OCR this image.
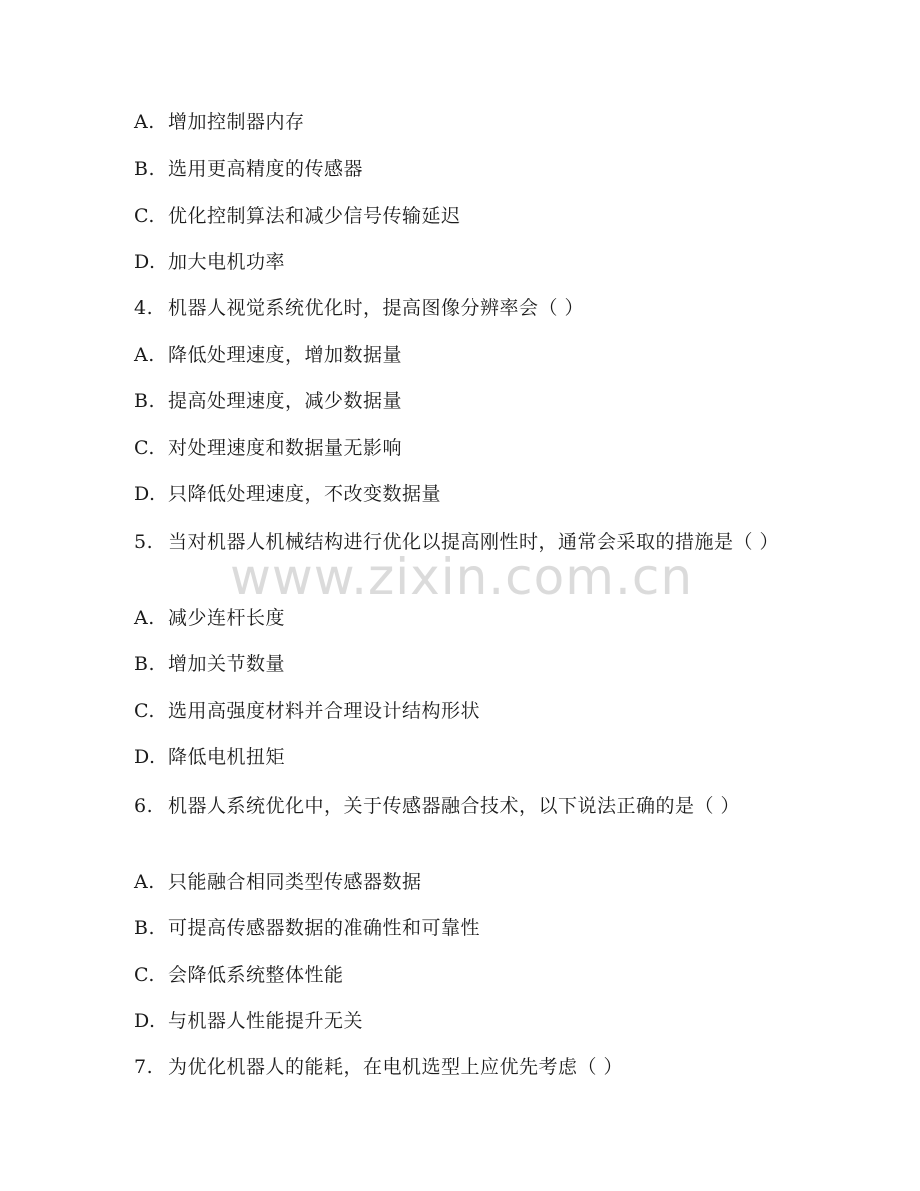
A. 增加控制器内存
B. 选用更高精度的传感器
C. 优化控制算法和减少信号传输延迟
D. 加大电机功率
4. 机器人视觉系统优化时，提高图像分辨率会（ ）
A. 降低处理速度，增加数据量
B. 提高处理速度，减少数据量
C. 对处理速度和数据量无影响
D. 只降低处理速度，不改变数据量
5. 当对机器人机械结构进行优化以提高刚性时，通常会采取的措施是（ ）
A. 减少连杆长度
B. 增加关节数量
C. 选用高强度材料并合理设计结构形状
D. 降低电机扭矩
6. 机器人系统优化中，关于传感器融合技术，以下说法正确的是（ ）
A. 只能融合相同类型传感器数据
B. 可提高传感器数据的准确性和可靠性
C. 会降低系统整体性能
D. 与机器人性能提升无关
7. 为优化机器人的能耗，在电机选型上应优先考虑（ ）
www.zixin.com.cn
